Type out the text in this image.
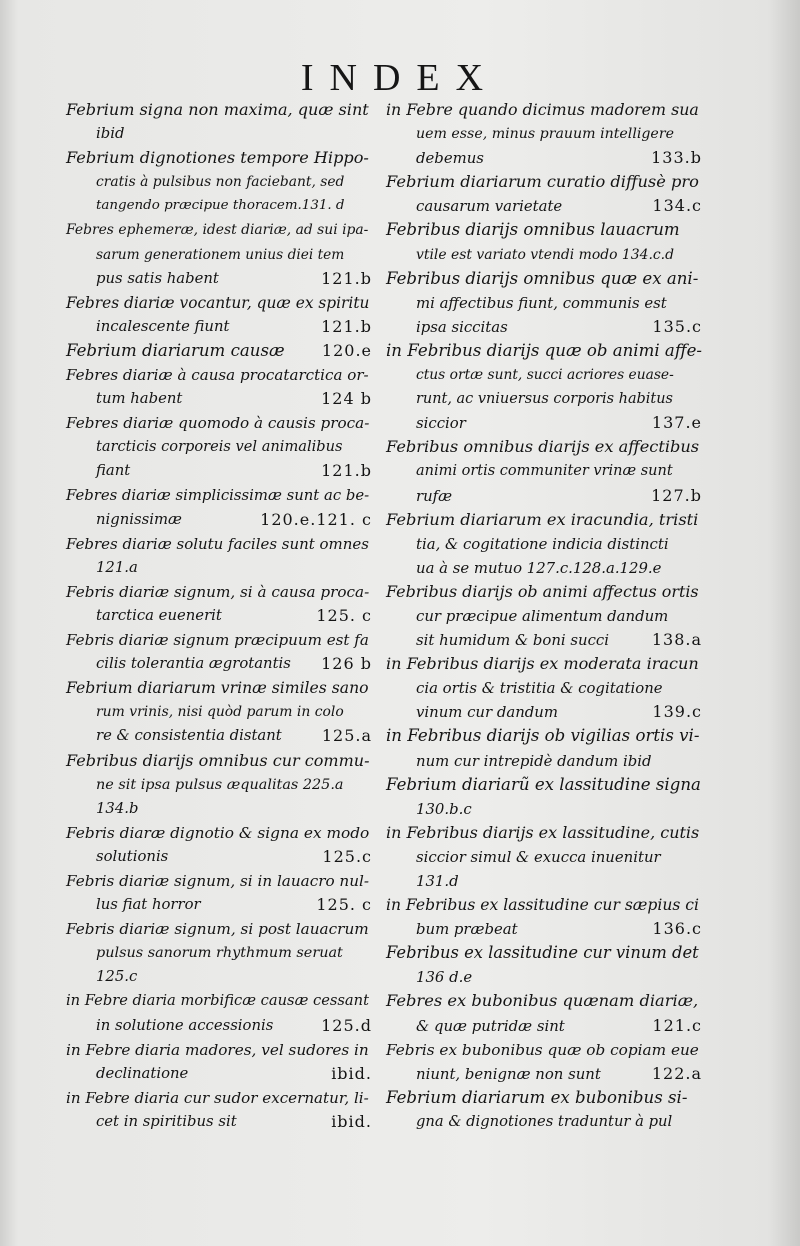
INDEX
Febrium signa non maxima, quæ sint
ibid
Febrium dignotiones tempore Hippo-
cratis à pulsibus non faciebant, sed
tangendo præcipue thoracem.131. d
Febres ephemeræ, idest diariæ, ad sui ipa-
sarum generationem unius diei tem
pus satis habent	121.b
Febres diariæ vocantur, quæ ex spiritu
incalescente fiunt	121.b
Febrium diariarum causæ	120.e
Febres diariæ à causa procatarctica or-
tum habent	124 b
Febres diariæ quomodo à causis proca-
tarcticis corporeis vel animalibus
fiant	121.b
Febres diariæ simplicissimæ sunt ac be-
nignissimæ	120.e.121. c
Febres diariæ solutu faciles sunt omnes
121.a
Febris diariæ signum, si à causa proca-
tarctica euenerit	125. c
Febris diariæ signum præcipuum est fa
cilis tolerantia ægrotantis	126 b
Febrium diariarum vrinæ similes sano
rum vrinis, nisi quòd parum in colo
re & consistentia distant	125.a
Febribus diarijs omnibus cur commu-
ne sit ipsa pulsus æqualitas 225.a
134.b
Febris diaræ dignotio & signa ex modo
solutionis	125.c
Febris diariæ signum, si in lauacro nul-
lus fiat horror	125. c
Febris diariæ signum, si post lauacrum
pulsus sanorum rhythmum seruat
125.c
in Febre diaria morbificæ causæ cessant
in solutione accessionis	125.d
in Febre diaria madores, vel sudores in
declinatione	ibid.
in Febre diaria cur sudor excernatur, li-
cet in spiritibus sit	ibid.
in Febre quando dicimus madorem sua
uem esse, minus prauum intelligere
debemus	133.b
Febrium diariarum curatio diffusè pro
causarum varietate	134.c
Febribus diarijs omnibus lauacrum
vtile est variato vtendi modo 134.c.d
Febribus diarijs omnibus quæ ex ani-
mi affectibus fiunt, communis est
ipsa siccitas	135.c
in Febribus diarijs quæ ob animi affe-
ctus ortæ sunt, succi acriores euase-
runt, ac vniuersus corporis habitus
siccior	137.e
Febribus omnibus diarijs ex affectibus
animi ortis communiter vrinæ sunt
rufæ	127.b
Febrium diariarum ex iracundia, tristi
tia, & cogitatione indicia distincti
ua à se mutuo 127.c.128.a.129.e
Febribus diarijs ob animi affectus ortis
cur præcipue alimentum dandum
sit humidum & boni succi	138.a
in Febribus diarijs ex moderata iracun
cia ortis & tristitia & cogitatione
vinum cur dandum	139.c
in Febribus diarijs ob vigilias ortis vi-
num cur intrepidè dandum ibid
Febrium diariarũ ex lassitudine signa
130.b.c
in Febribus diarijs ex lassitudine, cutis
siccior simul & exucca inuenitur
131.d
in Febribus ex lassitudine cur sæpius ci
bum præbeat	136.c
Febribus ex lassitudine cur vinum det
136 d.e
Febres ex bubonibus quænam diariæ,
& quæ putridæ sint	121.c
Febris ex bubonibus quæ ob copiam eue
niunt, benignæ non sunt	122.a
Febrium diariarum ex bubonibus si-
gna & dignotiones traduntur à pul
